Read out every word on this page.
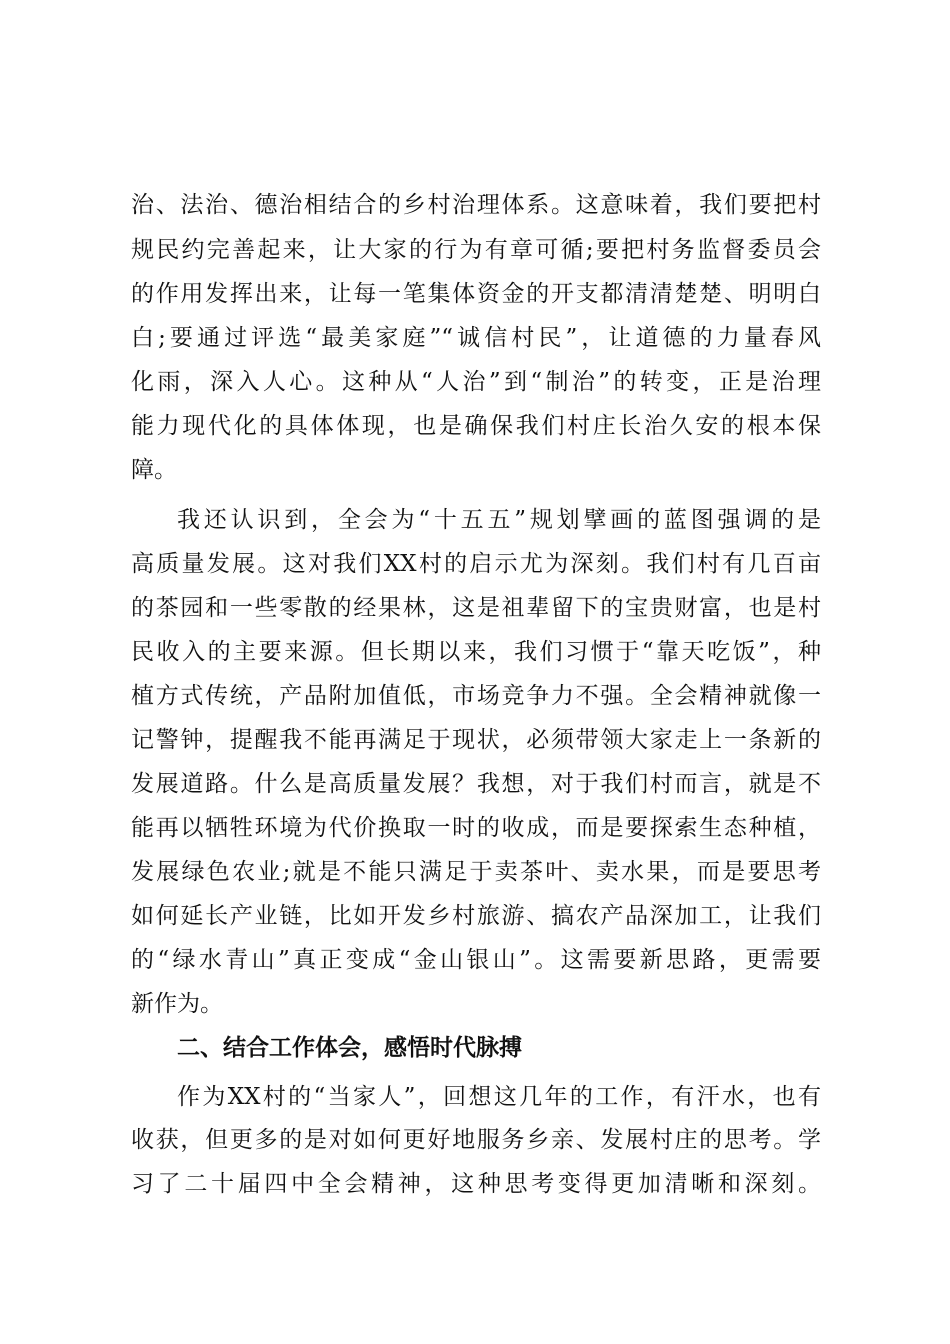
治、法治、德治相结合的乡村治理体系。这意味着，我们要把村
规民约完善起来，让大家的行为有章可循;要把村务监督委员会
的作用发挥出来，让每一笔集体资金的开支都清清楚楚、明明白
白;要通过评选“最美家庭”“诚信村民”，让道德的力量春风
化雨，深入人心。这种从“人治”到“制治”的转变，正是治理
能力现代化的具体体现，也是确保我们村庄长治久安的根本保
障。
我还认识到，全会为“十五五”规划擘画的蓝图强调的是
高质量发展。这对我们XX村的启示尤为深刻。我们村有几百亩
的茶园和一些零散的经果林，这是祖辈留下的宝贵财富，也是村
民收入的主要来源。但长期以来，我们习惯于“靠天吃饭”，种
植方式传统，产品附加值低，市场竞争力不强。全会精神就像一
记警钟，提醒我不能再满足于现状，必须带领大家走上一条新的
发展道路。什么是高质量发展？我想，对于我们村而言，就是不
能再以牺牲环境为代价换取一时的收成，而是要探索生态种植，
发展绿色农业;就是不能只满足于卖茶叶、卖水果，而是要思考
如何延长产业链，比如开发乡村旅游、搞农产品深加工，让我们
的“绿水青山”真正变成“金山银山”。这需要新思路，更需要
新作为。
二、结合工作体会，感悟时代脉搏
作为XX村的“当家人”，回想这几年的工作，有汗水，也有
收获，但更多的是对如何更好地服务乡亲、发展村庄的思考。学
习了二十届四中全会精神，这种思考变得更加清晰和深刻。
